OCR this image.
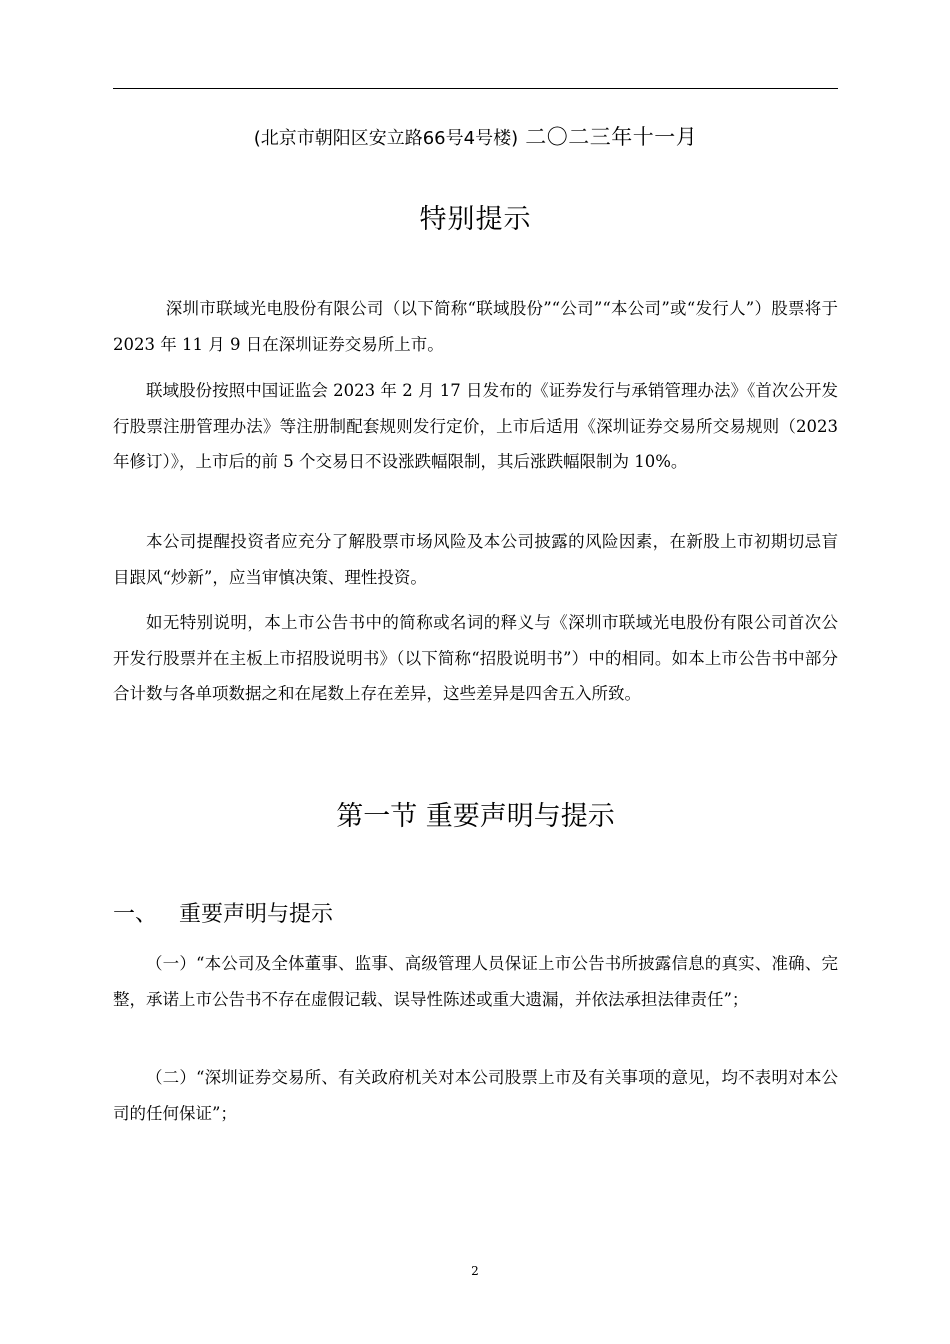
(北京市朝阳区安立路66号4号楼) 二〇二三年十一月
特别提示

深圳市联域光电股份有限公司（以下简称“联域股份”“公司”“本公司”或“发行人”）股票将于 2023 年 11 月 9 日在深圳证券交易所上市。

联域股份按照中国证监会 2023 年 2 月 17 日发布的《证券发行与承销管理办法》《首次公开发行股票注册管理办法》等注册制配套规则发行定价，上市后适用《深圳证券交易所交易规则（2023 年修订）》，上市后的前 5 个交易日不设涨跌幅限制，其后涨跌幅限制为 10%。

本公司提醒投资者应充分了解股票市场风险及本公司披露的风险因素，在新股上市初期切忌盲目跟风“炒新”，应当审慎决策、理性投资。

如无特别说明，本上市公告书中的简称或名词的释义与《深圳市联域光电股份有限公司首次公开发行股票并在主板上市招股说明书》（以下简称“招股说明书”）中的相同。如本上市公告书中部分合计数与各单项数据之和在尾数上存在差异，这些差异是四舍五入所致。

第一节 重要声明与提示
一、 重要声明与提示

（一）“本公司及全体董事、监事、高级管理人员保证上市公告书所披露信息的真实、准确、完整，承诺上市公告书不存在虚假记载、误导性陈述或重大遗漏，并依法承担法律责任”；

（二）“深圳证券交易所、有关政府机关对本公司股票上市及有关事项的意见，均不表明对本公司的任何保证”；

2
